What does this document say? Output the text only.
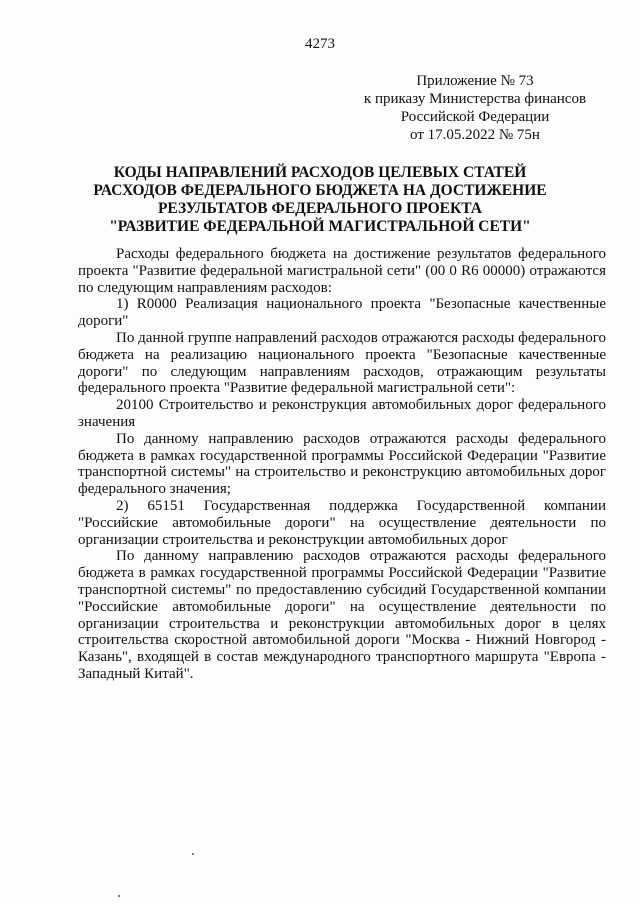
4273
Приложение № 73
к приказу Министерства финансов
Российской Федерации
от 17.05.2022 № 75н
КОДЫ НАПРАВЛЕНИЙ РАСХОДОВ ЦЕЛЕВЫХ СТАТЕЙ
РАСХОДОВ ФЕДЕРАЛЬНОГО БЮДЖЕТА НА ДОСТИЖЕНИЕ
РЕЗУЛЬТАТОВ ФЕДЕРАЛЬНОГО ПРОЕКТА
"РАЗВИТИЕ ФЕДЕРАЛЬНОЙ МАГИСТРАЛЬНОЙ СЕТИ"

Расходы федерального бюджета на достижение результатов федерального проекта "Развитие федеральной магистральной сети" (00 0 R6 00000) отражаются по следующим направлениям расходов:

1) R0000 Реализация национального проекта "Безопасные качественные дороги"

По данной группе направлений расходов отражаются расходы федерального бюджета на реализацию национального проекта "Безопасные качественные дороги" по следующим направлениям расходов, отражающим результаты федерального проекта "Развитие федеральной магистральной сети":

20100 Строительство и реконструкция автомобильных дорог федерального значения

По данному направлению расходов отражаются расходы федерального бюджета в рамках государственной программы Российской Федерации "Развитие транспортной системы" на строительство и реконструкцию автомобильных дорог федерального значения;

2) 65151 Государственная поддержка Государственной компании "Российские автомобильные дороги" на осуществление деятельности по организации строительства и реконструкции автомобильных дорог

По данному направлению расходов отражаются расходы федерального бюджета в рамках государственной программы Российской Федерации "Развитие транспортной системы" по предоставлению субсидий Государственной компании "Российские автомобильные дороги" на осуществление деятельности по организации строительства и реконструкции автомобильных дорог в целях строительства скоростной автомобильной дороги "Москва - Нижний Новгород - Казань", входящей в состав международного транспортного маршрута "Европа - Западный Китай".
